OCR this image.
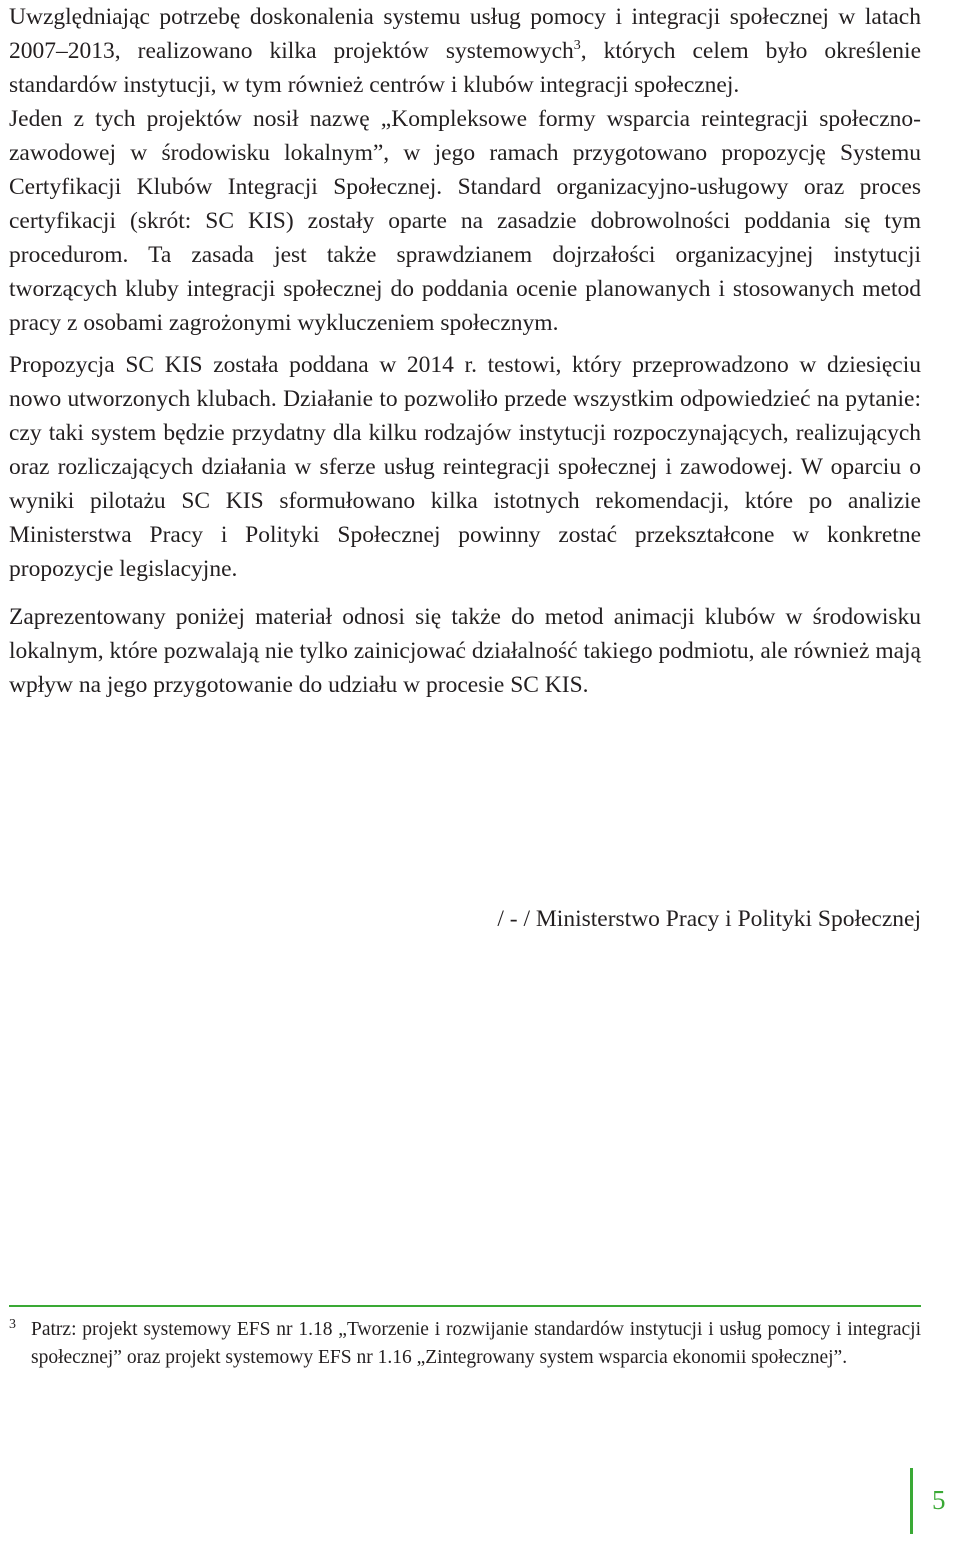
Uwzględniając potrzebę doskonalenia systemu usług pomocy i integracji społecznej w latach 2007–2013, realizowano kilka projektów systemowych$^3$, których celem było określenie standardów instytucji, w tym również centrów i klubów integracji społecznej.

Jeden z tych projektów nosił nazwę „Kompleksowe formy wsparcia reintegracji społeczno-zawodowej w środowisku lokalnym”, w jego ramach przygotowano propozycję Systemu Certyfikacji Klubów Integracji Społecznej. Standard organizacyjno-usługowy oraz proces certyfikacji (skrót: SC KIS) zostały oparte na zasadzie dobrowolności poddania się tym procedurom. Ta zasada jest także sprawdzianem dojrzałości organizacyjnej instytucji tworzących kluby integracji społecznej do poddania ocenie planowanych i stosowanych metod pracy z osobami zagrożonymi wykluczeniem społecznym.

Propozycja SC KIS została poddana w 2014 r. testowi, który przeprowadzono w dziesięciu nowo utworzonych klubach. Działanie to pozwoliło przede wszystkim odpowiedzieć na pytanie: czy taki system będzie przydatny dla kilku rodzajów instytucji rozpoczynających, realizujących oraz rozliczających działania w sferze usług reintegracji społecznej i zawodowej. W oparciu o wyniki pilotażu SC KIS sformułowano kilka istotnych rekomendacji, które po analizie Ministerstwa Pracy i Polityki Społecznej powinny zostać przekształcone w konkretne propozycje legislacyjne.

Zaprezentowany poniżej materiał odnosi się także do metod animacji klubów w środowisku lokalnym, które pozwalają nie tylko zainicjować działalność takiego podmiotu, ale również mają wpływ na jego przygotowanie do udziału w procesie SC KIS.

/ - / Ministerstwo Pracy i Polityki Społecznej
3 Patrz: projekt systemowy EFS nr 1.18 „Tworzenie i rozwijanie standardów instytucji i usług pomocy i integracji społecznej” oraz projekt systemowy EFS nr 1.16 „Zintegrowany system wsparcia ekonomii społecznej”.

5
